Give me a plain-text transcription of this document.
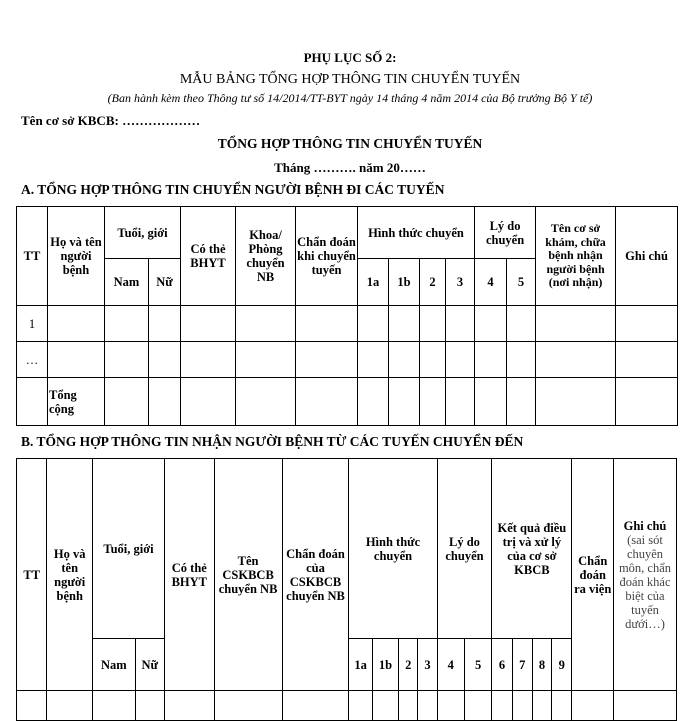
PHỤ LỤC SỐ 2:
MẪU BẢNG TỔNG HỢP THÔNG TIN CHUYỂN TUYẾN
(Ban hành kèm theo Thông tư số 14/2014/TT-BYT ngày 14 tháng 4 năm 2014 của Bộ trưởng Bộ Y tế)
Tên cơ sở KBCB: ………………
TỔNG HỢP THÔNG TIN CHUYỂN TUYẾN
Tháng ………. năm 20……
A. TỔNG HỢP THÔNG TIN CHUYỂN NGƯỜI BỆNH ĐI CÁC TUYẾN
TT	Họ và tên người bệnh	Tuổi, giới		Có thẻ BHYT	Khoa/ Phòng chuyển NB	Chẩn đoán khi chuyển tuyến	Hình thức chuyển				Lý do chuyển		Tên cơ sở khám, chữa bệnh nhận người bệnh (nơi nhận)	Ghi chú
		Nam	Nữ				1a	1b	2	3	4	5		
1														
…														
	Tổng cộng													
B. TỔNG HỢP THÔNG TIN NHẬN NGƯỜI BỆNH TỪ CÁC TUYẾN CHUYỂN ĐẾN
TT	Họ và tên người bệnh	Tuổi, giới		Có thẻ BHYT	Tên CSKBCB chuyển NB	Chẩn đoán của CSKBCB chuyển NB	Hình thức chuyển				Lý do chuyển		Kết quả điều trị và xử lý của cơ sở KBCB				Chẩn đoán ra viện	Ghi chú (sai sót chuyên môn, chẩn đoán khác biệt của tuyến dưới…)
		Nam	Nữ				1a	1b	2	3	4	5	6	7	8	9		
